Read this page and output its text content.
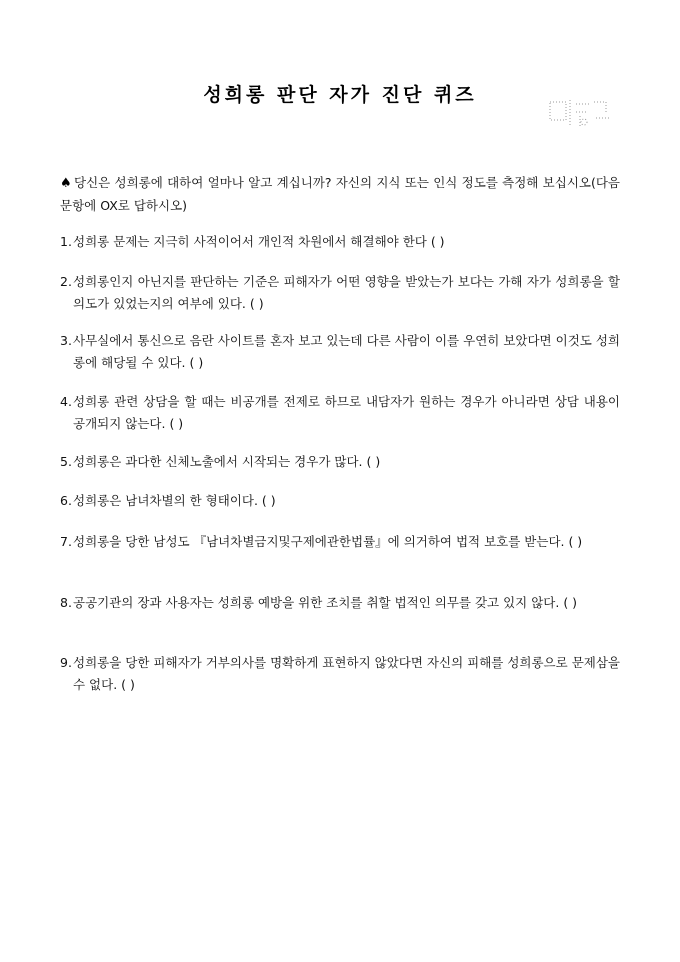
성희롱 판단 자가 진단 퀴즈
♠ 당신은 성희롱에 대하여 얼마나 알고 계십니까? 자신의 지식 또는 인식 정도를 측정해 보십시오(다음 문항에 OX로 답하시오)
1. 성희롱 문제는 지극히 사적이어서 개인적 차원에서 해결해야 한다 ( )
2. 성희롱인지 아닌지를 판단하는 기준은 피해자가 어떤 영향을 받았는가 보다는 가해 자가 성희롱을 할 의도가 있었는지의 여부에 있다. ( )
3. 사무실에서 통신으로 음란 사이트를 혼자 보고 있는데 다른 사람이 이를 우연히 보았다면 이것도 성희롱에 해당될 수 있다. ( )
4. 성희롱 관련 상담을 할 때는 비공개를 전제로 하므로 내담자가 원하는 경우가 아니라면 상담 내용이 공개되지 않는다. ( )
5. 성희롱은 과다한 신체노출에서 시작되는 경우가 많다. ( )
6. 성희롱은 남녀차별의 한 형태이다. ( )
7. 성희롱을 당한 남성도 『남녀차별금지및구제에관한법률』에 의거하여 법적 보호를 받는다. ( )
8. 공공기관의 장과 사용자는 성희롱 예방을 위한 조치를 취할 법적인 의무를 갖고 있지 않다. ( )
9. 성희롱을 당한 피해자가 거부의사를 명확하게 표현하지 않았다면 자신의 피해를 성희롱으로 문제삼을 수 없다. ( )
